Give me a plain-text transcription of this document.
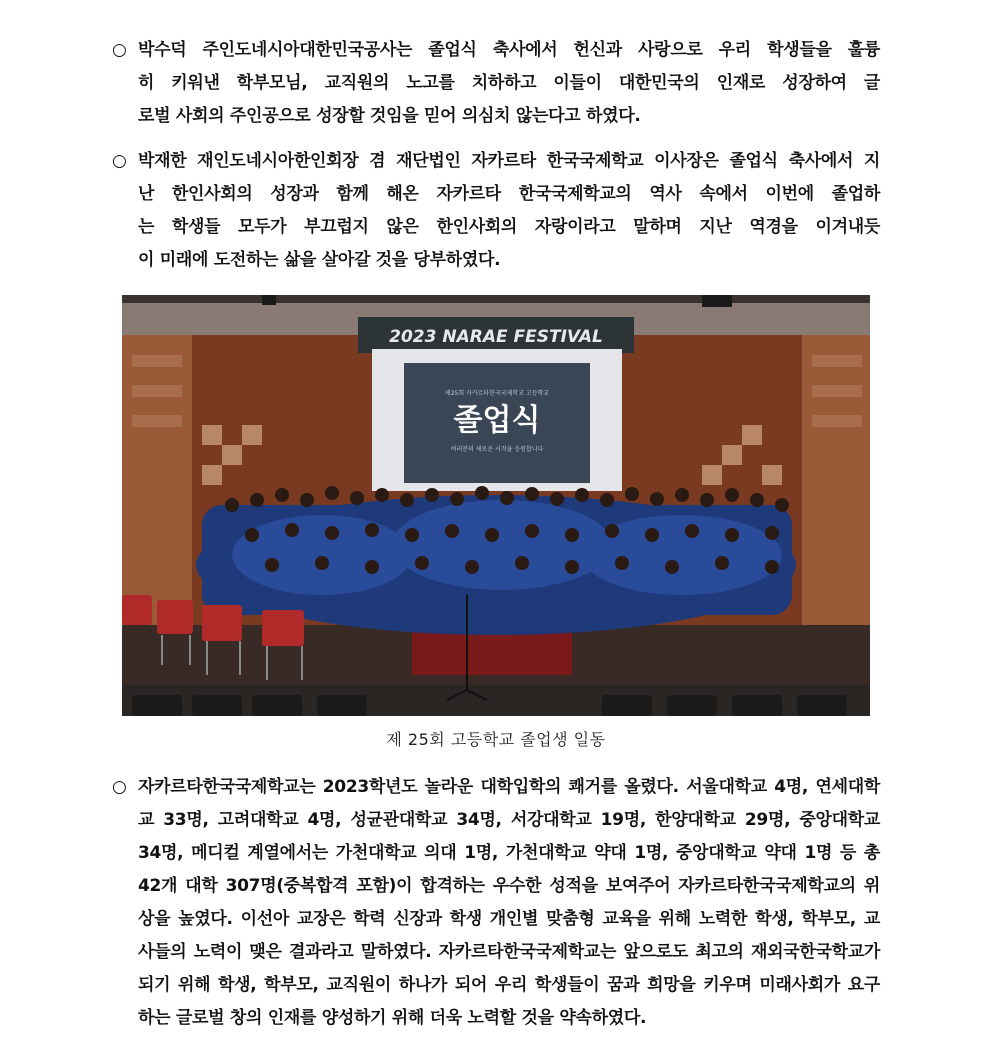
○ 박수덕 주인도네시아대한민국공사는 졸업식 축사에서 헌신과 사랑으로 우리 학생들을 훌륭
히 키워낸 학부모님, 교직원의 노고를 치하하고 이들이 대한민국의 인재로 성장하여 글
로벌 사회의 주인공으로 성장할 것임을 믿어 의심치 않는다고 하였다.
○ 박재한 재인도네시아한인회장 겸 재단법인 자카르타 한국국제학교 이사장은 졸업식 축사에서 지
난 한인사회의 성장과 함께 해온 자카르타 한국국제학교의 역사 속에서 이번에 졸업하
는 학생들 모두가 부끄럽지 않은 한인사회의 자랑이라고 말하며 지난 역경을 이겨내듯
이 미래에 도전하는 삶을 살아갈 것을 당부하였다.
2023 NARAE FESTIVAL
제25회 자카르타한국국제학교 고등학교
졸업식
여러분의 새로운 시작을 응원합니다
제 25회 고등학교 졸업생 일동
○ 자카르타한국국제학교는 2023학년도 놀라운 대학입학의 쾌거를 올렸다. 서울대학교 4명, 연세대학
교 33명, 고려대학교 4명, 성균관대학교 34명, 서강대학교 19명, 한양대학교 29명, 중앙대학교
34명, 메디컬 계열에서는 가천대학교 의대 1명, 가천대학교 약대 1명, 중앙대학교 약대 1명 등 총
42개 대학 307명(중복합격 포함)이 합격하는 우수한 성적을 보여주어 자카르타한국국제학교의 위
상을 높였다. 이선아 교장은 학력 신장과 학생 개인별 맞춤형 교육을 위해 노력한 학생, 학부모, 교
사들의 노력이 맺은 결과라고 말하였다. 자카르타한국국제학교는 앞으로도 최고의 재외국한국학교가
되기 위해 학생, 학부모, 교직원이 하나가 되어 우리 학생들이 꿈과 희망을 키우며 미래사회가 요구
하는 글로벌 창의 인재를 양성하기 위해 더욱 노력할 것을 약속하였다.
